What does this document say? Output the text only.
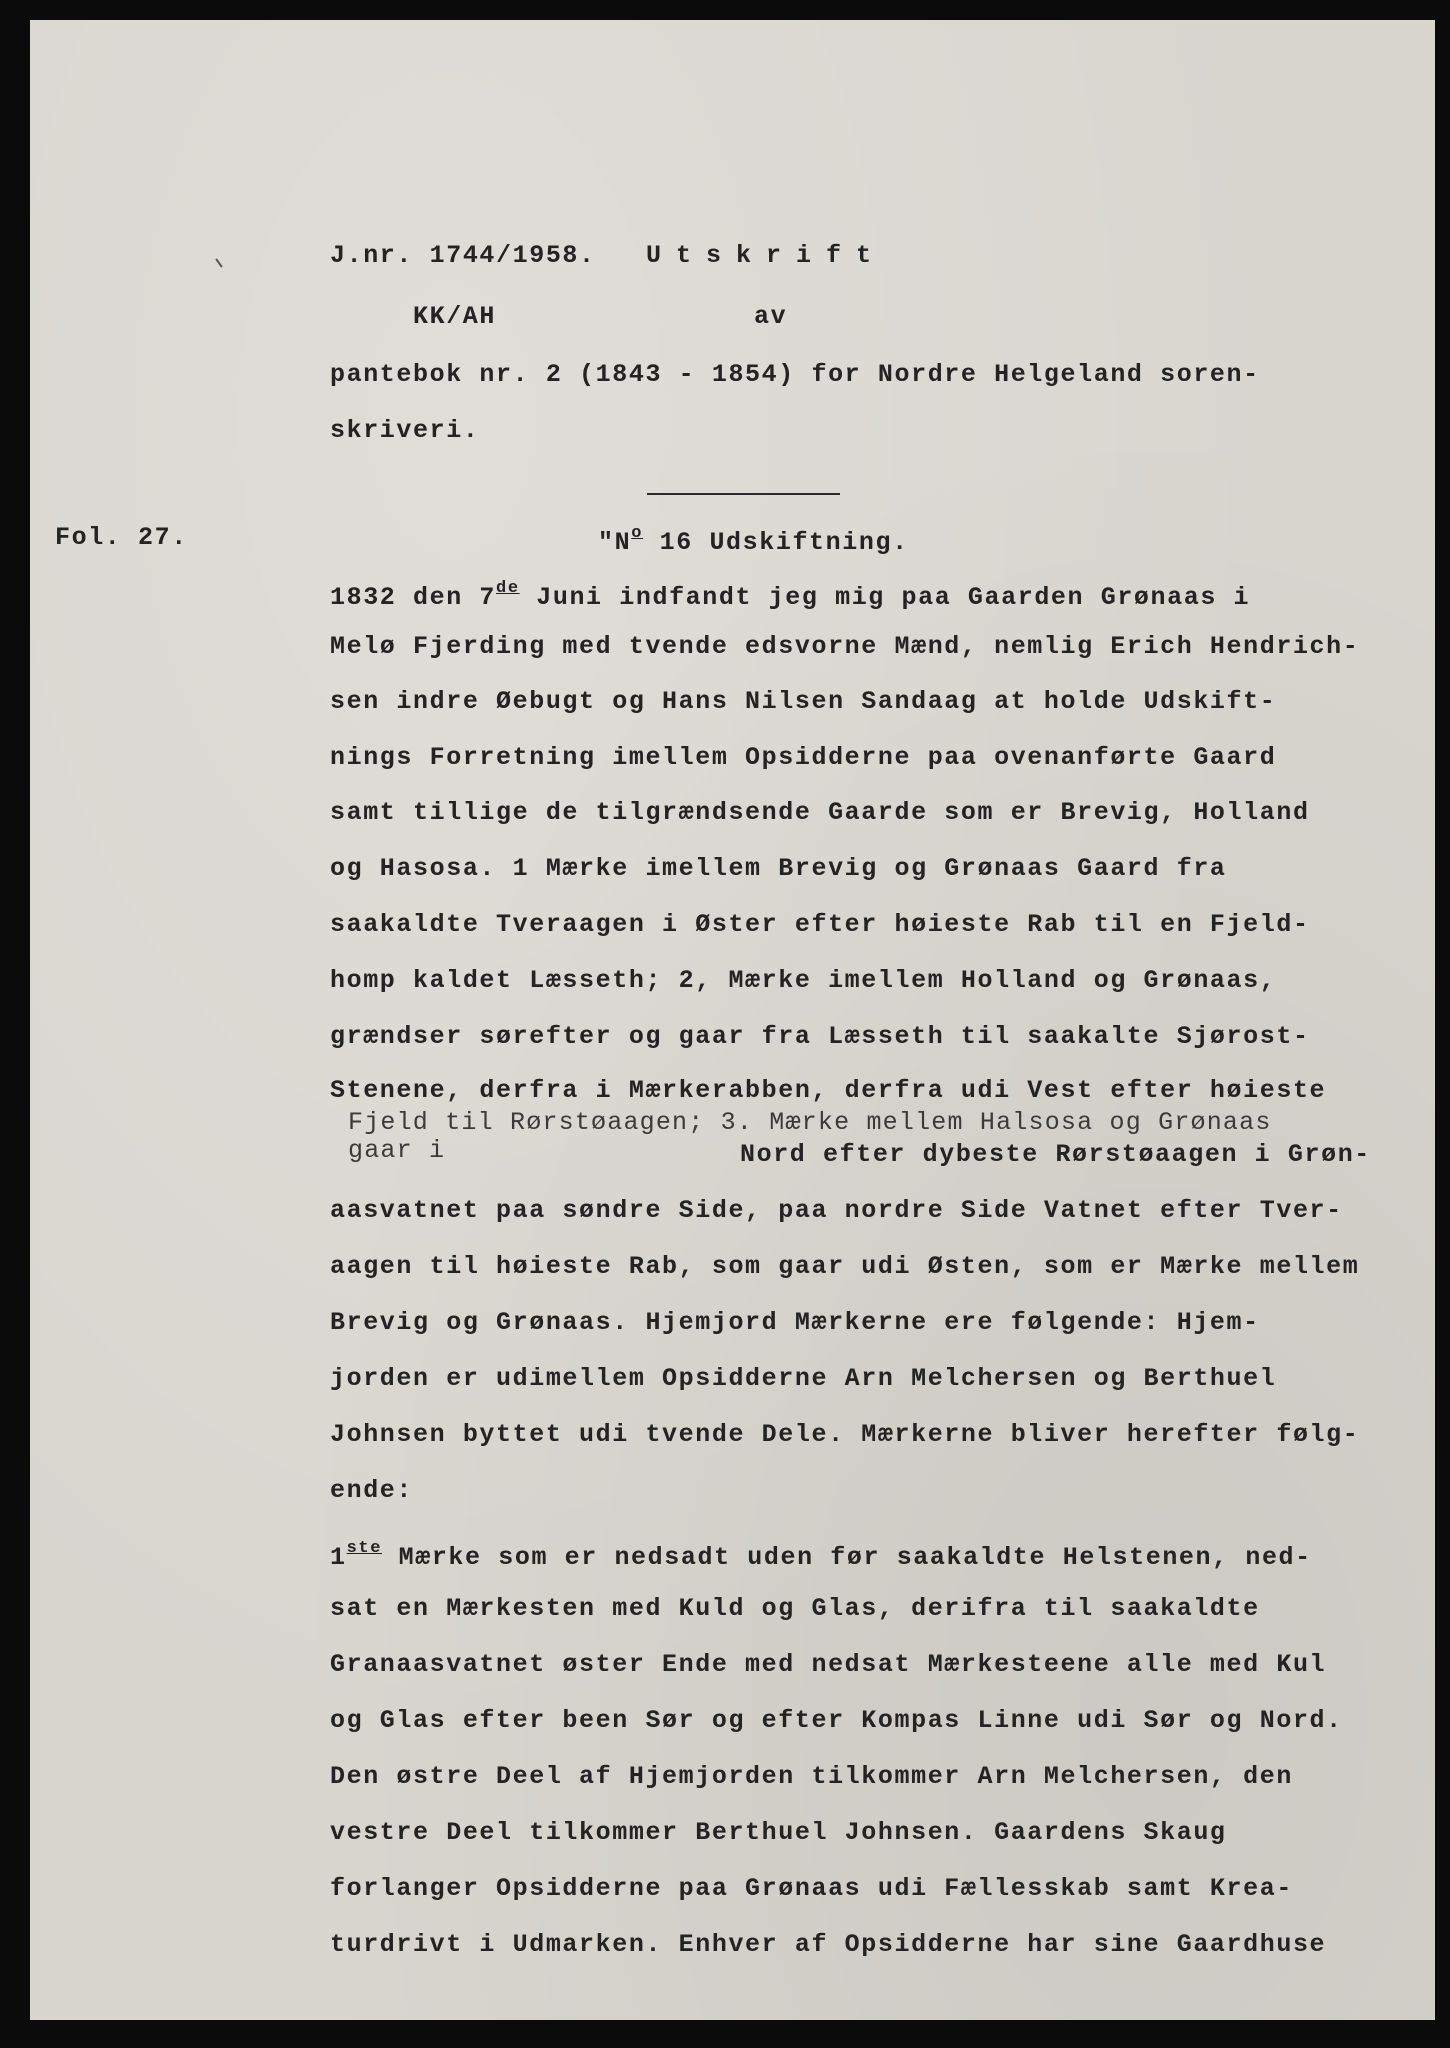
J.nr. 1744/1958. Utskrift
KK/AH	av
pantebok nr. 2 (1843 - 1854) for Nordre Helgeland soren-
skriveri.
Fol. 27.	"$N^o$ 16 Udskiftning.
1832 den 7de Juni indfandt jeg mig paa Gaarden Grønaas i
Melø Fjerding med tvende edsvorne Mænd, nemlig Erich Hendrich-
sen indre Øebugt og Hans Nilsen Sandaag at holde Udskift-
nings Forretning imellem Opsidderne paa ovenanførte Gaard
samt tillige de tilgrændsende Gaarde som er Brevig, Holland
og Hasosa. 1 Mærke imellem Brevig og Grønaas Gaard fra
saakaldte Tveraagen i Øster efter høieste Rab til en Fjeld-
homp kaldet Læsseth; 2, Mærke imellem Holland og Grønaas,
grændser sørefter og gaar fra Læsseth til saakalte Sjørost-
Stenene, derfra i Mærkerabben, derfra udi Vest efter høieste
Fjeld til Rørstøaagen; 3. Mærke mellem Halsosa og Grønaas
gaar i	Nord efter dybeste Rørstøaagen i Grøn-
aasvatnet paa søndre Side, paa nordre Side Vatnet efter Tver-
aagen til høieste Rab, som gaar udi Østen, som er Mærke mellem
Brevig og Grønaas. Hjemjord Mærkerne ere følgende: Hjem-
jorden er udimellem Opsidderne Arn Melchersen og Berthuel
Johnsen byttet udi tvende Dele. Mærkerne bliver herefter følg-
ende:
1ste Mærke som er nedsadt uden før saakaldte Helstenen, ned-
sat en Mærkesten med Kuld og Glas, derifra til saakaldte
Granaasvatnet øster Ende med nedsat Mærkesteene alle med Kul
og Glas efter been Sør og efter Kompas Linne udi Sør og Nord.
Den østre Deel af Hjemjorden tilkommer Arn Melchersen, den
vestre Deel tilkommer Berthuel Johnsen. Gaardens Skaug
forlanger Opsidderne paa Grønaas udi Fællesskab samt Krea-
turdrivt i Udmarken. Enhver af Opsidderne har sine Gaardhuse
